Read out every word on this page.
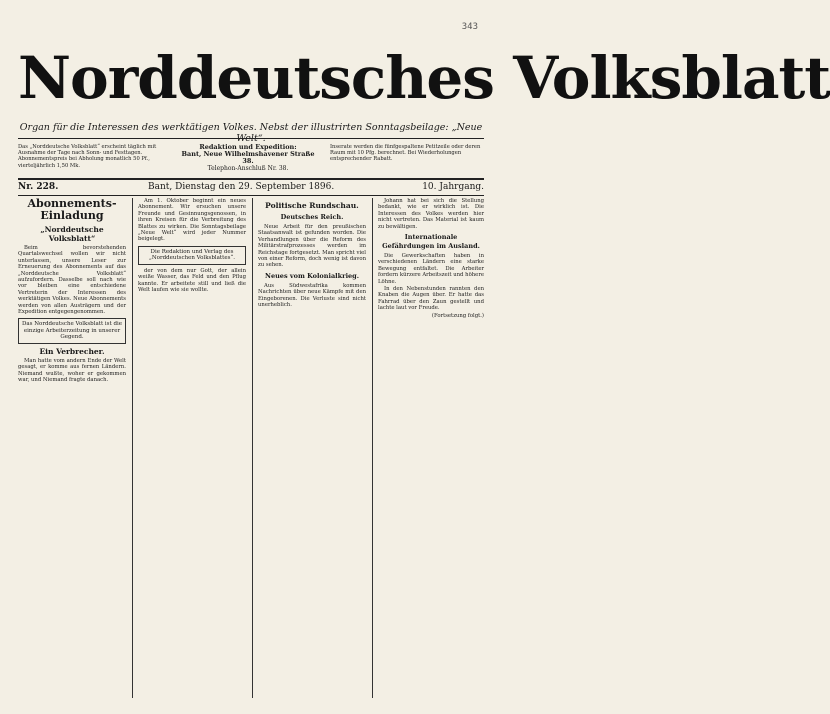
343
Norddeutsches Volksblatt
Organ für die Interessen des werktätigen Volkes. Nebst der illustrirten Sonntagsbeilage: „Neue
Das „Norddeutsche Volksblatt“ erscheint täglich mit Ausnahme der Tage nach Sonn- und Festtagen. Abonnementspreis bei Abholung monatlich 50 Pf., vierteljährlich 1,50 Mk.
Redaktion und Expedition:
Bant, Neue Wilhelmshavener Straße 38.
Telephon-Anschluß Nr. 38.
Inserate werden die fünfgespaltene Petitzeile oder deren Raum mit 10 Pfg. berechnet. Bei Wiederholungen entsprechender Rabatt.
Nr. 228.	Bant, Dienstag den 29. September 1896.	10. Jahrgang.
Abonnements-Einladung
„Norddeutsche Volksblatt“

Beim bevorstehenden Quartalswechsel wollen wir nicht unterlassen, unsere Leser zur Erneuerung des Abonnements auf das „Norddeutsche Volksblatt“ aufzufordern. Dasselbe soll nach wie vor bleiben eine entschiedene Vertreterin der Interessen des werktätigen Volkes. Neue Abonnements werden von allen Austrägern und der Expedition entgegengenommen.

Das Norddeutsche Volksblatt ist die einzige Arbeiterzeitung in unserer Gegend.
Ein Verbrecher.

Man hatte vom andern Ende der Welt gesagt, er komme aus fernen Ländern. Niemand wußte, woher er gekommen war, und Niemand fragte danach.

Am 1. Oktober beginnt ein neues Abonnement. Wir ersuchen unsere Freunde und Gesinnungsgenossen, in ihren Kreisen für die Verbreitung des Blattes zu wirken. Die Sonntagsbeilage „Neue Welt“ wird jeder Nummer beigelegt.

Die Redaktion und Verlag des „Norddeutschen Volksblattes“.

der von dem nur Gott, der allein weiße Wasser, das Feld und den Pflug kannte. Er arbeitete still und ließ die Welt laufen wie sie wollte.

Politische Rundschau.
Deutsches Reich.

Neue Arbeit für den preußischen Staatsanwalt ist gefunden worden. Die Verhandlungen über die Reform des Militärstrafprozesses werden im Reichstage fortgesetzt. Man spricht viel von einer Reform, doch wenig ist davon zu sehen.

Neues vom Kolonialkrieg.

Aus Südwestafrika kommen Nachrichten über neue Kämpfe mit den Eingeborenen. Die Verluste sind nicht unerheblich.

Johann hat bei sich die Stellung bedankt, wie er wirklich ist. Die Interessen des Volkes werden hier nicht vertreten. Das Material ist kaum zu bewältigen.

Internationale Gefährdungen im Ausland.

Die Gewerkschaften haben in verschiedenen Ländern eine starke Bewegung entfaltet. Die Arbeiter fordern kürzere Arbeitszeit und höhere Löhne.

In den Nebenstunden rannten den Knaben die Augen über. Er hatte das Fahrrad über den Zaun gestellt und lachte laut vor Freude.

(Fortsetzung folgt.)
